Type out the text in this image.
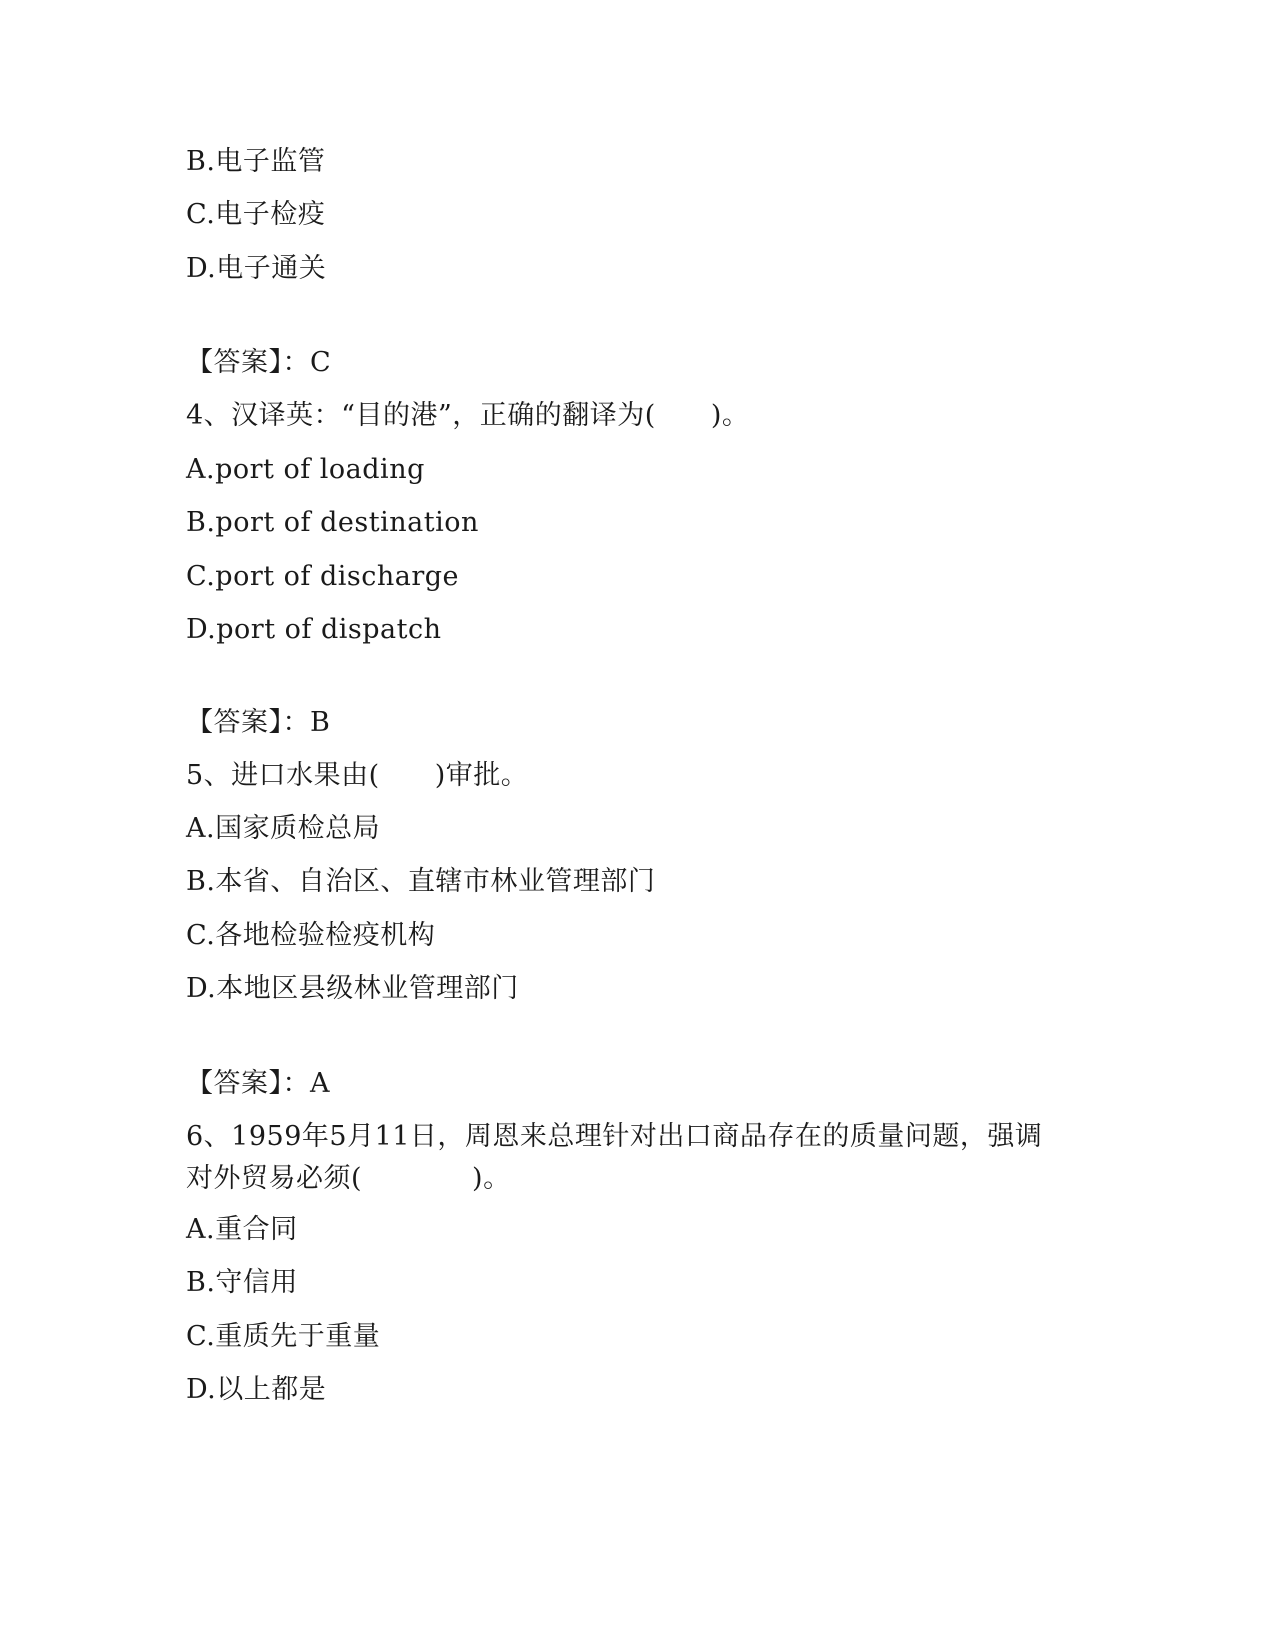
B.电子监管
C.电子检疫
D.电子通关
【答案】：C
4、汉译英：“目的港”，正确的翻译为(　　)。
A.port of loading
B.port of destination
C.port of discharge
D.port of dispatch
【答案】：B
5、进口水果由(　　)审批。
A.国家质检总局
B.本省、自治区、直辖市林业管理部门
C.各地检验检疫机构
D.本地区县级林业管理部门
【答案】：A
6、1959年5月11日，周恩来总理针对出口商品存在的质量问题，强调对外贸易必须(　　　　)。
A.重合同
B.守信用
C.重质先于重量
D.以上都是
